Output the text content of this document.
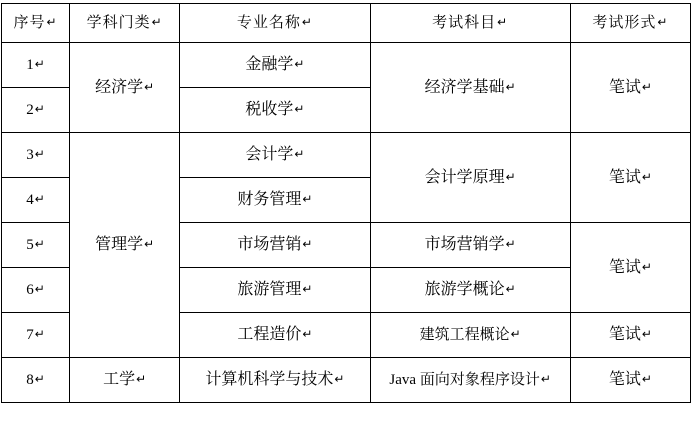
序号↵	学科门类↵	专业名称↵	考试科目↵	考试形式↵
1↵	经济学↵	金融学↵	经济学基础↵	笔试↵
2↵		税收学↵		
3↵	管理学↵	会计学↵	会计学原理↵	笔试↵
4↵		财务管理↵		
5↵		市场营销↵	市场营销学↵	笔试↵
6↵		旅游管理↵	旅游学概论↵	
7↵		工程造价↵	建筑工程概论↵	笔试↵
8↵	工学↵	计算机科学与技术↵	Java 面向对象程序设计↵	笔试↵
